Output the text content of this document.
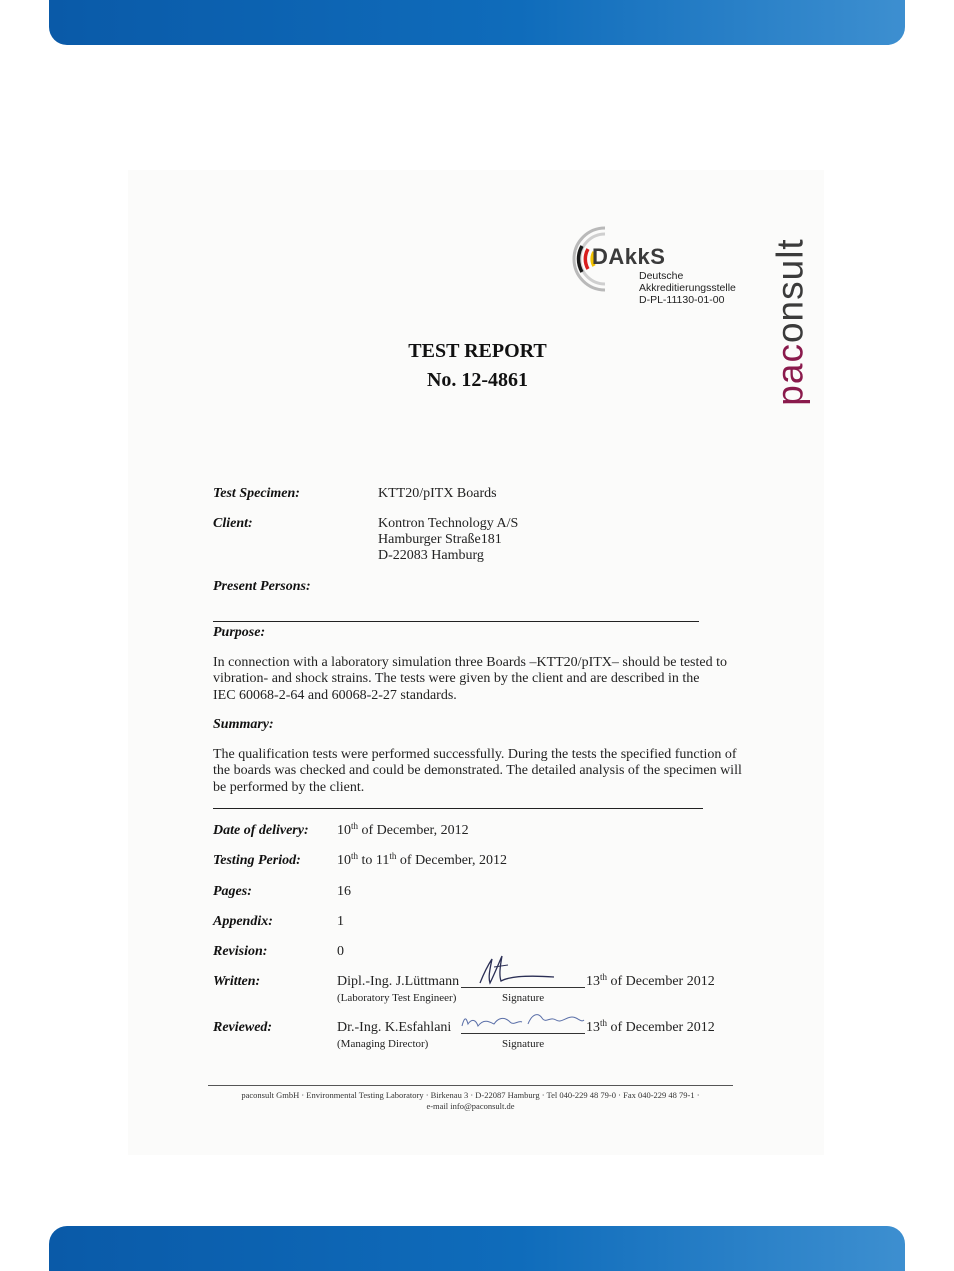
DAkkS
Deutsche
Akkreditierungsstelle
D-PL-11130-01-00
paconsult
TEST REPORT
No. 12-4861
Test Specimen:	KTT20/pITX Boards
Client:	Kontron Technology A/S
Hamburger Straße181
D-22083 Hamburg
Present Persons:
Purpose:
In connection with a laboratory simulation three Boards –KTT20/pITX– should be tested to
vibration- and shock strains. The tests were given by the client and are described in the
IEC 60068-2-64 and 60068-2-27 standards.
Summary:
The qualification tests were performed successfully. During the tests the specified function of
the boards was checked and could be demonstrated. The detailed analysis of the specimen will
be performed by the client.
Date of delivery: 10th of December, 2012
Testing Period:	10th to 11th of December, 2012
Pages:	16
Appendix:	1
Revision:	0
Written:	Dipl.-Ing. J.Lüttmann	13th of December 2012
(Laboratory Test Engineer)	Signature
Reviewed:	Dr.-Ing. K.Esfahlani	13th of December 2012
(Managing Director)	Signature
paconsult GmbH · Environmental Testing Laboratory · Birkenau 3 · D-22087 Hamburg · Tel 040-229 48 79-0 · Fax 040-229 48 79-1 ·
e-mail info@paconsult.de
